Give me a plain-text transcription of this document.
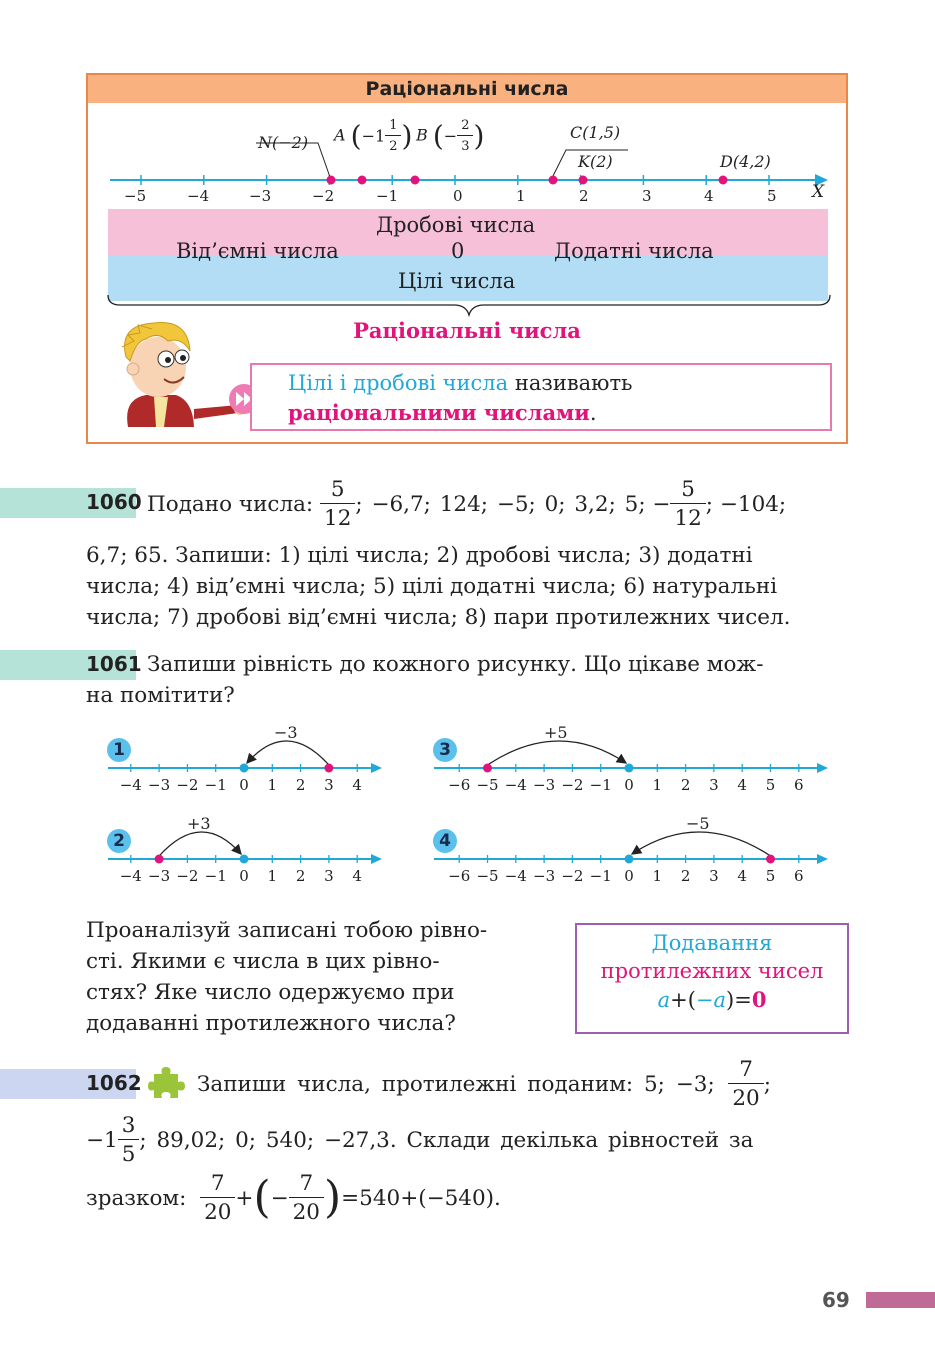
Раціональні числа
−5	−4	−3	−2	−1	0	1	2	3	4	5 X
N(−2) A ($-1 \frac{1}{2}$ ) B (− $\frac{2}{3}$ )	C(1,5)
K(2)	D(4,2)
Дробові числа
Від’ємні числа	0	Додатні числа
Цілі числа
Раціональні числа
Цілі і дробові числа називають
раціональними числами.
1060 Подано числа:
$\frac{5}{12}$ ; −6,7; 124; −5; 0; 3,2; 5;
− $\frac{5}{12}$ ; −104;
6,7; 65. Запиши: 1) цілі числа; 2) дробові числа; 3) додатні
числа; 4) від’ємні числа; 5) цілі додатні числа; 6) натуральні
числа; 7) дробові від’ємні числа; 8) пари протилежних чисел.
1061 Запиши рівність до кожного рисунку. Що цікаве мож-
на помітити?
1
−3
−4 −3 −2 −1 0 1 2 3 4
2
+3
−4 −3 −2 −1 0 1 2 3 4
3
+5
−6 −5 −4 −3 −2 −1 0 1 2 3 4 5 6
4
−5
−6 −5 −4 −3 −2 −1 0 1 2 3 4 5 6
Проаналізуй записані тобою рівно-
сті. Якими є числа в цих рівно-
стях? Яке число одержуємо при
додаванні протилежного числа?
Додавання
протилежних чисел
a+(−a)=0
1062	Запиши числа, протилежні поданим: 5; −3;
$\frac{7}{20}$ ;
$-1 \frac{3}{5}$ ; 89,02; 0; 540; −27,3. Склади декілька рівностей за
зразком:
$\frac{7}{20}$ + ( − $\frac{7}{20}$ ) =540+(−540).
69
